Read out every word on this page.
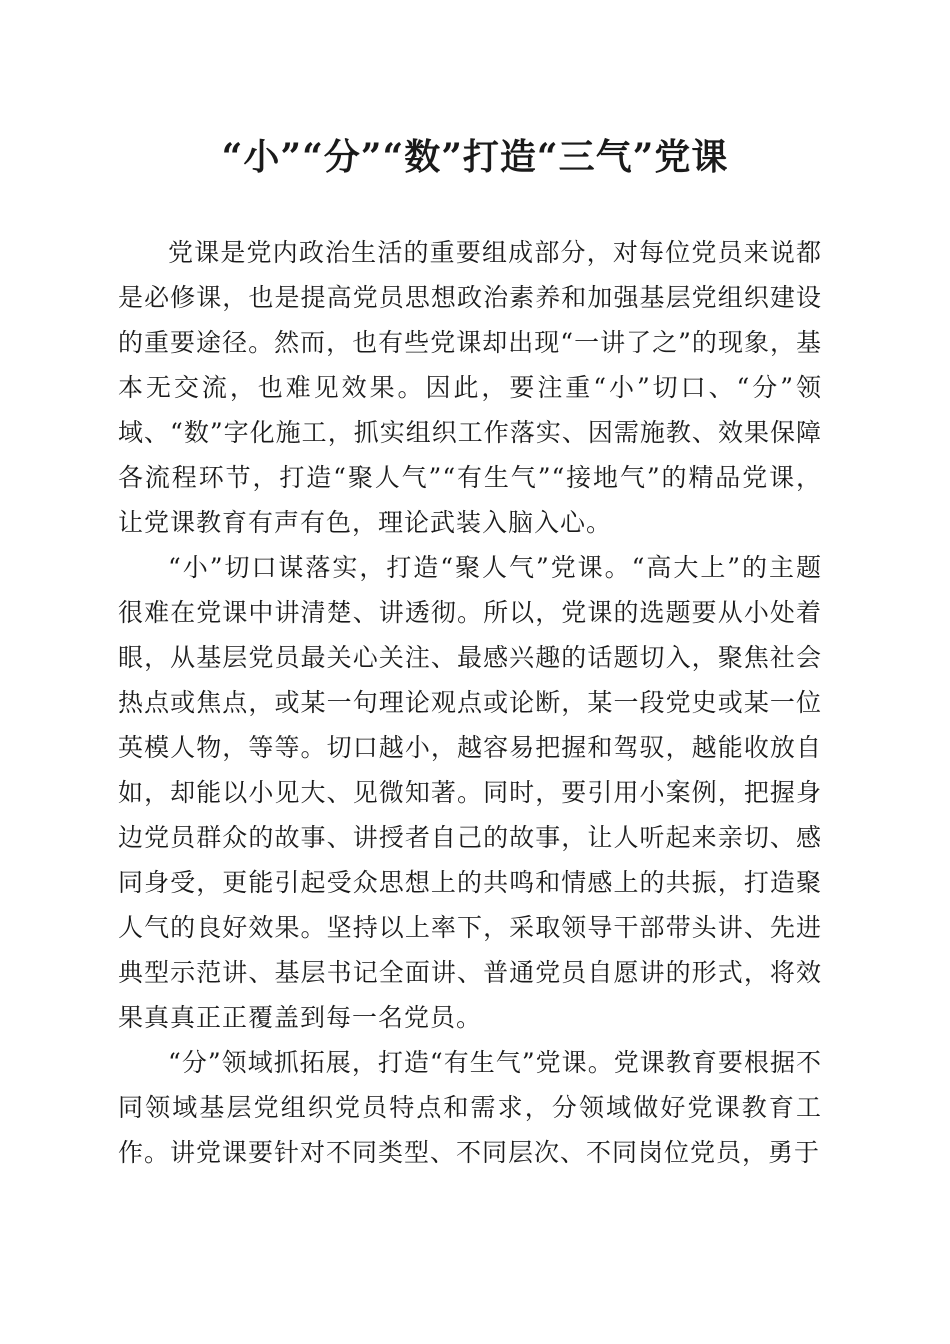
“小”“分”“数”打造“三气”党课

党课是党内政治生活的重要组成部分，对每位党员来说都是必修课，也是提高党员思想政治素养和加强基层党组织建设的重要途径。然而，也有些党课却出现“一讲了之”的现象，基本无交流，也难见效果。因此，要注重“小”切口、“分”领域、“数”字化施工，抓实组织工作落实、因需施教、效果保障各流程环节，打造“聚人气”“有生气”“接地气”的精品党课，让党课教育有声有色，理论武装入脑入心。

“小”切口谋落实，打造“聚人气”党课。“高大上”的主题很难在党课中讲清楚、讲透彻。所以，党课的选题要从小处着眼，从基层党员最关心关注、最感兴趣的话题切入，聚焦社会热点或焦点，或某一句理论观点或论断，某一段党史或某一位英模人物，等等。切口越小，越容易把握和驾驭，越能收放自如，却能以小见大、见微知著。同时，要引用小案例，把握身边党员群众的故事、讲授者自己的故事，让人听起来亲切、感同身受，更能引起受众思想上的共鸣和情感上的共振，打造聚人气的良好效果。坚持以上率下，采取领导干部带头讲、先进典型示范讲、基层书记全面讲、普通党员自愿讲的形式，将效果真真正正覆盖到每一名党员。

“分”领域抓拓展，打造“有生气”党课。党课教育要根据不同领域基层党组织党员特点和需求，分领域做好党课教育工作。讲党课要针对不同类型、不同层次、不同岗位党员，勇于
